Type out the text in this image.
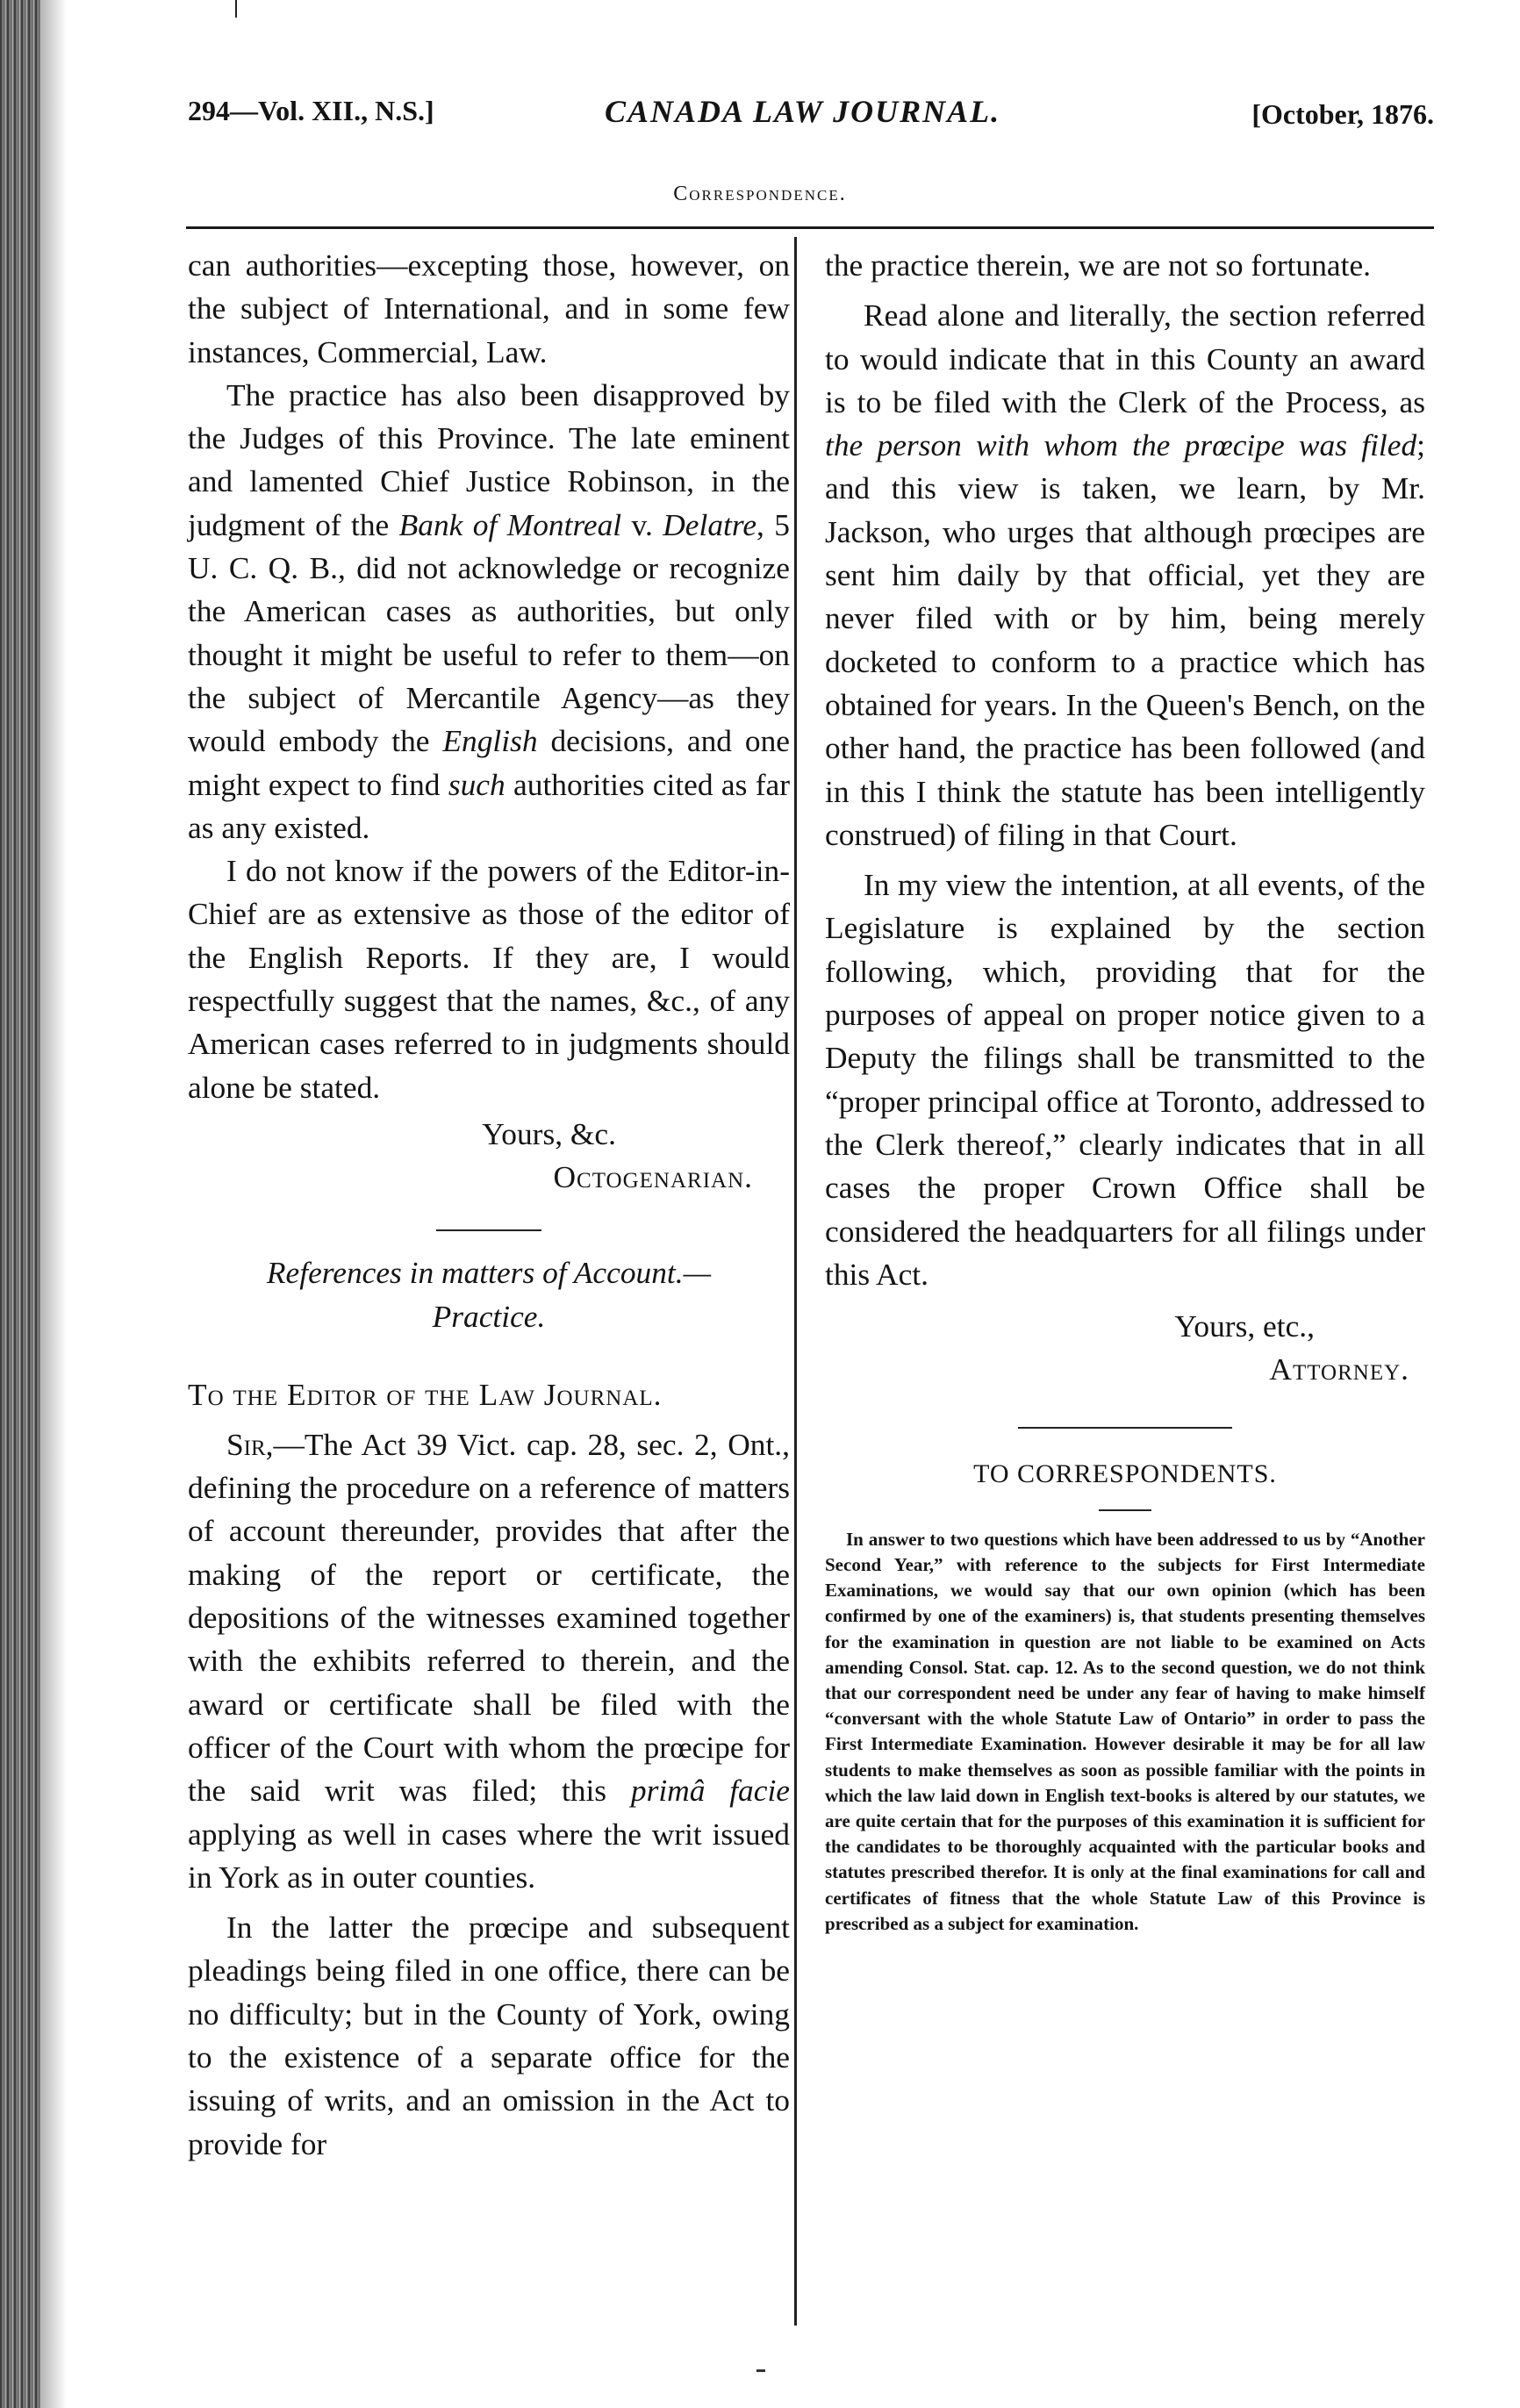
294—Vol. XII., N.S.]	CANADA LAW JOURNAL.	[October, 1876.
Correspondence.

can authorities—excepting those, however, on the subject of International, and in some few instances, Commercial, Law.

The practice has also been disapproved by the Judges of this Province. The late eminent and lamented Chief Justice Robinson, in the judgment of the Bank of Montreal v. Delatre, 5 U. C. Q. B., did not acknowledge or recognize the American cases as authorities, but only thought it might be useful to refer to them—on the subject of Mercantile Agency—as they would embody the English decisions, and one might expect to find such authorities cited as far as any existed.

I do not know if the powers of the Editor-in-Chief are as extensive as those of the editor of the English Reports. If they are, I would respectfully suggest that the names, &c., of any American cases referred to in judgments should alone be stated.

Yours, &c.

Octogenarian.

References in matters of Account.—
Practice.

To the Editor of the Law Journal.

Sir,—The Act 39 Vict. cap. 28, sec. 2, Ont., defining the procedure on a reference of matters of account thereunder, provides that after the making of the report or certificate, the depositions of the witnesses examined together with the exhibits referred to therein, and the award or certificate shall be filed with the officer of the Court with whom the prœcipe for the said writ was filed; this primâ facie applying as well in cases where the writ issued in York as in outer counties.

In the latter the prœcipe and subsequent pleadings being filed in one office, there can be no difficulty; but in the County of York, owing to the existence of a separate office for the issuing of writs, and an omission in the Act to provide for

the practice therein, we are not so fortunate.

Read alone and literally, the section referred to would indicate that in this County an award is to be filed with the Clerk of the Process, as the person with whom the prœcipe was filed; and this view is taken, we learn, by Mr. Jackson, who urges that although prœcipes are sent him daily by that official, yet they are never filed with or by him, being merely docketed to conform to a practice which has obtained for years. In the Queen's Bench, on the other hand, the practice has been followed (and in this I think the statute has been intelligently construed) of filing in that Court.

In my view the intention, at all events, of the Legislature is explained by the section following, which, providing that for the purposes of appeal on proper notice given to a Deputy the filings shall be transmitted to the “proper principal office at Toronto, addressed to the Clerk thereof,” clearly indicates that in all cases the proper Crown Office shall be considered the headquarters for all filings under this Act.

Yours, etc.,

Attorney.

TO CORRESPONDENTS.

In answer to two questions which have been addressed to us by “Another Second Year,” with reference to the subjects for First Intermediate Examinations, we would say that our own opinion (which has been confirmed by one of the examiners) is, that students presenting themselves for the examination in question are not liable to be examined on Acts amending Consol. Stat. cap. 12. As to the second question, we do not think that our correspondent need be under any fear of having to make himself “conversant with the whole Statute Law of Ontario” in order to pass the First Intermediate Examination. However desirable it may be for all law students to make themselves as soon as possible familiar with the points in which the law laid down in English text-books is altered by our statutes, we are quite certain that for the purposes of this examination it is sufficient for the candidates to be thoroughly acquainted with the particular books and statutes prescribed therefor. It is only at the final examinations for call and certificates of fitness that the whole Statute Law of this Province is prescribed as a subject for examination.
